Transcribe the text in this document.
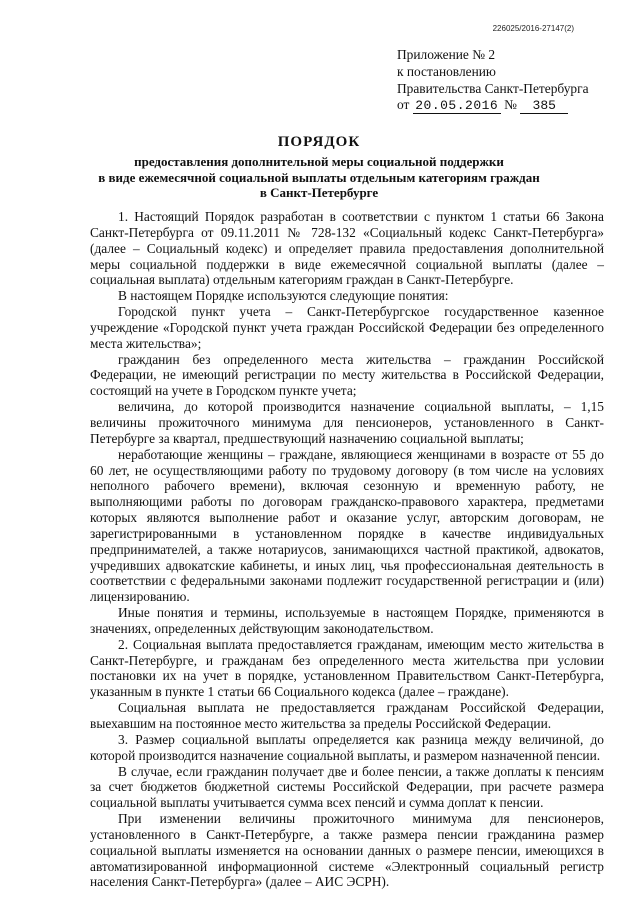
226025/2016-27147(2)
Приложение № 2
к постановлению
Правительства Санкт-Петербурга
от 20.05.2016 № 385
ПОРЯДОК
предоставления дополнительной меры социальной поддержки
в виде ежемесячной социальной выплаты отдельным категориям граждан
в Санкт-Петербурге

1. Настоящий Порядок разработан в соответствии с пунктом 1 статьи 66 Закона Санкт-Петербурга от 09.11.2011 № 728-132 «Социальный кодекс Санкт-Петербурга» (далее – Социальный кодекс) и определяет правила предоставления дополнительной меры социальной поддержки в виде ежемесячной социальной выплаты (далее – социальная выплата) отдельным категориям граждан в Санкт-Петербурге.

В настоящем Порядке используются следующие понятия:

Городской пункт учета – Санкт-Петербургское государственное казенное учреждение «Городской пункт учета граждан Российской Федерации без определенного места жительства»;

гражданин без определенного места жительства – гражданин Российской Федерации, не имеющий регистрации по месту жительства в Российской Федерации, состоящий на учете в Городском пункте учета;

величина, до которой производится назначение социальной выплаты, – 1,15 величины прожиточного минимума для пенсионеров, установленного в Санкт-Петербурге за квартал, предшествующий назначению социальной выплаты;

неработающие женщины – граждане, являющиеся женщинами в возрасте от 55 до 60 лет, не осуществляющими работу по трудовому договору (в том числе на условиях неполного рабочего времени), включая сезонную и временную работу, не выполняющими работы по договорам гражданско-правового характера, предметами которых являются выполнение работ и оказание услуг, авторским договорам, не зарегистрированными в установленном порядке в качестве индивидуальных предпринимателей, а также нотариусов, занимающихся частной практикой, адвокатов, учредивших адвокатские кабинеты, и иных лиц, чья профессиональная деятельность в соответствии с федеральными законами подлежит государственной регистрации и (или) лицензированию.

Иные понятия и термины, используемые в настоящем Порядке, применяются в значениях, определенных действующим законодательством.

2. Социальная выплата предоставляется гражданам, имеющим место жительства в Санкт-Петербурге, и гражданам без определенного места жительства при условии постановки их на учет в порядке, установленном Правительством Санкт-Петербурга, указанным в пункте 1 статьи 66 Социального кодекса (далее – граждане).

Социальная выплата не предоставляется гражданам Российской Федерации, выехавшим на постоянное место жительства за пределы Российской Федерации.

3. Размер социальной выплаты определяется как разница между величиной, до которой производится назначение социальной выплаты, и размером назначенной пенсии.

В случае, если гражданин получает две и более пенсии, а также доплаты к пенсиям за счет бюджетов бюджетной системы Российской Федерации, при расчете размера социальной выплаты учитывается сумма всех пенсий и сумма доплат к пенсии.

При изменении величины прожиточного минимума для пенсионеров, установленного в Санкт-Петербурге, а также размера пенсии гражданина размер социальной выплаты изменяется на основании данных о размере пенсии, имеющихся в автоматизированной информационной системе «Электронный социальный регистр населения Санкт-Петербурга» (далее – АИС ЭСРН).
